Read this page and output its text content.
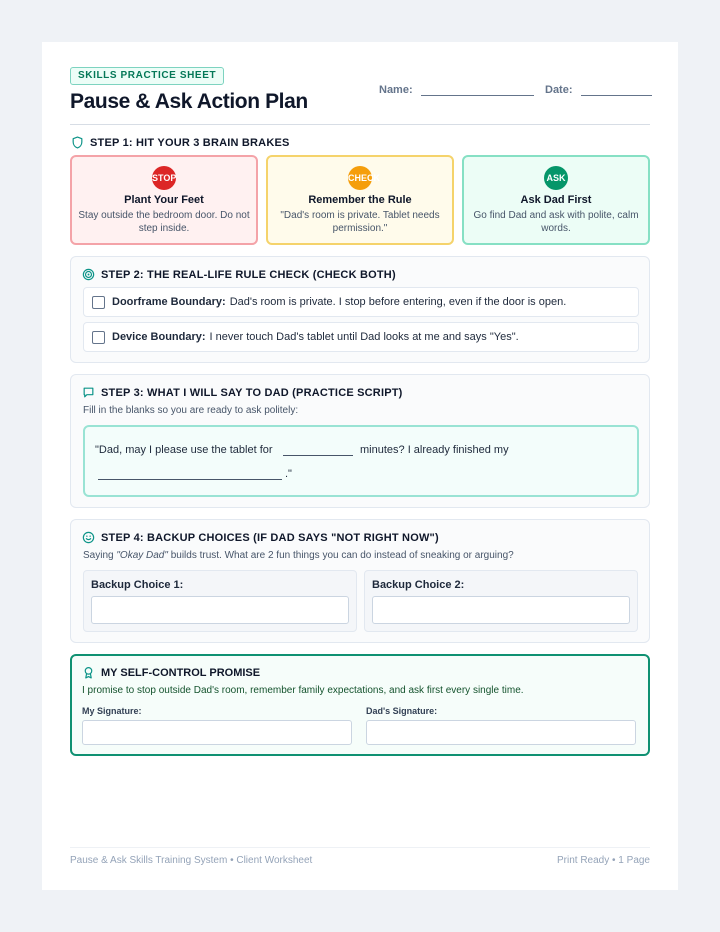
SKILLS PRACTICE SHEET
Pause & Ask Action Plan	Name:	Date:
STEP 1: HIT YOUR 3 BRAIN BRAKES
STOP
Plant Your Feet
Stay outside the bedroom door. Do not step inside.
CHECK
Remember the Rule
"Dad's room is private. Tablet needs permission."
ASK
Ask Dad First
Go find Dad and ask with polite, calm words.
STEP 2: THE REAL-LIFE RULE CHECK (CHECK BOTH)
Doorframe Boundary: Dad's room is private. I stop before entering, even if the door is open.
Device Boundary: I never touch Dad's tablet until Dad looks at me and says "Yes".
STEP 3: WHAT I WILL SAY TO DAD (PRACTICE SCRIPT)
Fill in the blanks so you are ready to ask politely:
"Dad, may I please use the tablet for	minutes? I already finished my
."
STEP 4: BACKUP CHOICES (IF DAD SAYS "NOT RIGHT NOW")
Saying "Okay Dad" builds trust. What are 2 fun things you can do instead of sneaking or arguing?
Backup Choice 1:	Backup Choice 2:
MY SELF-CONTROL PROMISE
I promise to stop outside Dad's room, remember family expectations, and ask first every single time.
My Signature:	Dad's Signature:
Pause & Ask Skills Training System • Client Worksheet	Print Ready • 1 Page
